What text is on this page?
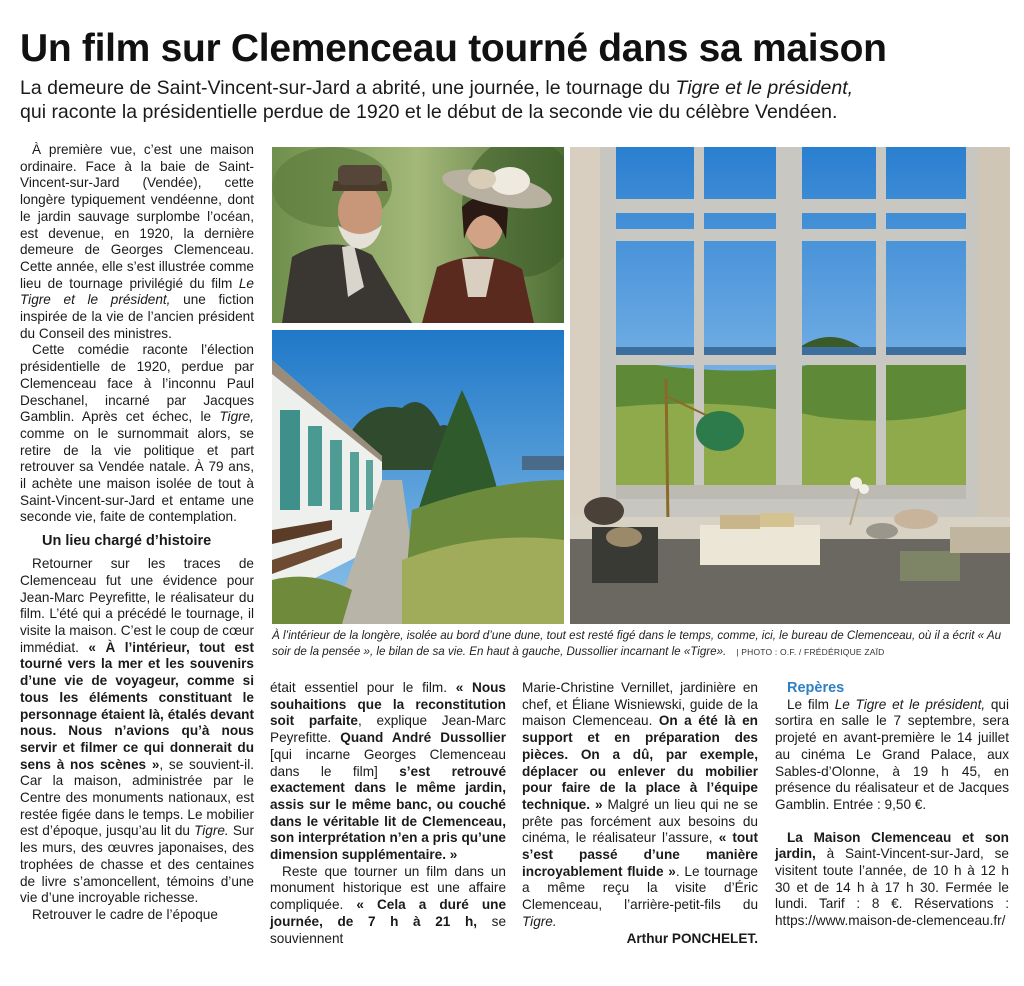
Un film sur Clemenceau tourné dans sa maison

La demeure de Saint-Vincent-sur-Jard a abrité, une journée, le tournage du Tigre et le président,
qui raconte la présidentielle perdue de 1920 et le début de la seconde vie du célèbre Vendéen.

À première vue, c’est une maison ordinaire. Face à la baie de Saint-Vincent-sur-Jard (Vendée), cette longère typiquement vendéenne, dont le jardin sauvage surplombe l’océan, est devenue, en 1920, la dernière demeure de Georges Clemenceau. Cette année, elle s’est illustrée comme lieu de tournage privilégié du film Le Tigre et le président, une fiction inspirée de la vie de l’ancien président du Conseil des ministres.

Cette comédie raconte l’élection présidentielle de 1920, perdue par Clemenceau face à l’inconnu Paul Deschanel, incarné par Jacques Gamblin. Après cet échec, le Tigre, comme on le surnommait alors, se retire de la vie politique et part retrouver sa Vendée natale. À 79 ans, il achète une maison isolée de tout à Saint-Vincent-sur-Jard et entame une seconde vie, faite de contemplation.

Un lieu chargé d’histoire

Retourner sur les traces de Clemenceau fut une évidence pour Jean-Marc Peyrefitte, le réalisateur du film. L’été qui a précédé le tournage, il visite la maison. C’est le coup de cœur immédiat. « À l’intérieur, tout est tourné vers la mer et les souvenirs d’une vie de voyageur, comme si tous les éléments constituant le personnage étaient là, étalés devant nous. Nous n’avions qu’à nous servir et filmer ce qui donnerait du sens à nos scènes », se souvient-il. Car la maison, administrée par le Centre des monuments nationaux, est restée figée dans le temps. Le mobilier est d’époque, jusqu’au lit du Tigre. Sur les murs, des œuvres japonaises, des trophées de chasse et des centaines de livre s’amoncellent, témoins d’une vie d’une incroyable richesse.

Retrouver le cadre de l’époque

À l’intérieur de la longère, isolée au bord d’une dune, tout est resté figé dans le temps, comme, ici, le bureau de Clemenceau, où il a écrit « Au soir de la pensée », le bilan de sa vie. En haut à gauche, Dussollier incarnant le «Tigre». | PHOTO : O.F. / FRÉDÉRIQUE ZAÏD

était essentiel pour le film. « Nous souhaitions que la reconstitution soit parfaite, explique Jean-Marc Peyrefitte. Quand André Dussollier [qui incarne Georges Clemenceau dans le film] s’est retrouvé exactement dans le même jardin, assis sur le même banc, ou couché dans le véritable lit de Clemenceau, son interprétation n’en a pris qu’une dimension supplémentaire. »

Reste que tourner un film dans un monument historique est une affaire compliquée. « Cela a duré une journée, de 7 h à 21 h, se souviennent

Marie-Christine Vernillet, jardinière en chef, et Éliane Wisniewski, guide de la maison Clemenceau. On a été là en support et en préparation des pièces. On a dû, par exemple, déplacer ou enlever du mobilier pour faire de la place à l’équipe technique. » Malgré un lieu qui ne se prête pas forcément aux besoins du cinéma, le réalisateur l’assure, « tout s’est passé d’une manière incroyablement fluide ». Le tournage a même reçu la visite d’Éric Clemenceau, l’arrière-petit-fils du Tigre.

Arthur PONCHELET.

Repères

Le film Le Tigre et le président, qui sortira en salle le 7 septembre, sera projeté en avant-première le 14 juillet au cinéma Le Grand Palace, aux Sables-d’Olonne, à 19 h 45, en présence du réalisateur et de Jacques Gamblin. Entrée : 9,50 €.

La Maison Clemenceau et son jardin, à Saint-Vincent-sur-Jard, se visitent toute l’année, de 10 h à 12 h 30 et de 14 h à 17 h 30. Fermée le lundi. Tarif : 8 €. Réservations : https://www.maison-de-clemenceau.fr/
